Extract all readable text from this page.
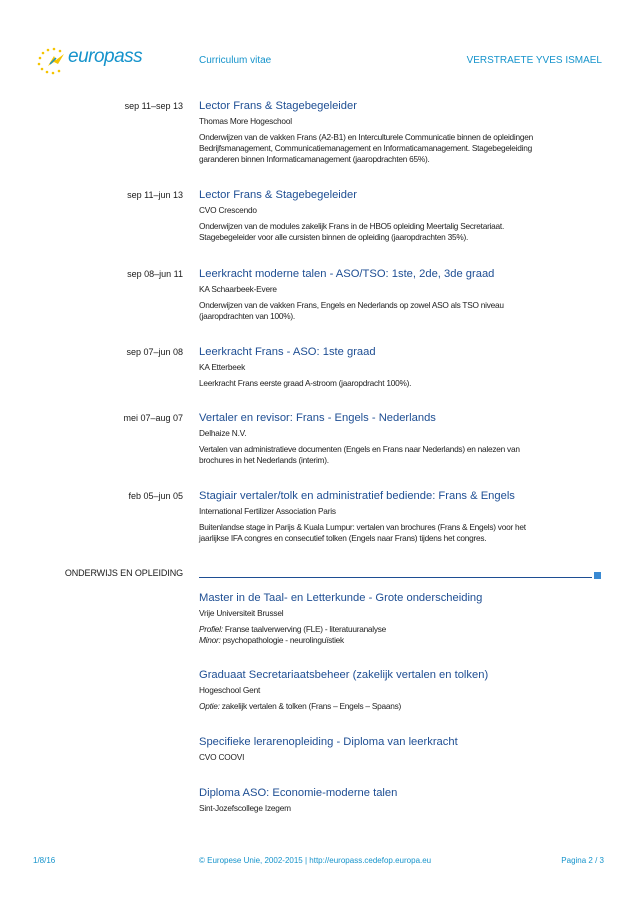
europass	Curriculum vitae	VERSTRAETE YVES ISMAEL
sep 11–sep 13 Lector Frans & Stagebegeleider
Thomas More Hogeschool
Onderwijzen van de vakken Frans (A2-B1) en Interculturele Communicatie binnen de opleidingen
Bedrijfsmanagement, Communicatiemanagement en Informaticamanagement. Stagebegeleiding
garanderen binnen Informaticamanagement (jaaropdrachten 65%).
sep 11–jun 13 Lector Frans & Stagebegeleider
CVO Crescendo
Onderwijzen van de modules zakelijk Frans in de HBO5 opleiding Meertalig Secretariaat.
Stagebegeleider voor alle cursisten binnen de opleiding (jaaropdrachten 35%).
sep 08–jun 11 Leerkracht moderne talen - ASO/TSO: 1ste, 2de, 3de graad
KA Schaarbeek-Evere
Onderwijzen van de vakken Frans, Engels en Nederlands op zowel ASO als TSO niveau
(jaaropdrachten van 100%).
sep 07–jun 08 Leerkracht Frans - ASO: 1ste graad
KA Etterbeek
Leerkracht Frans eerste graad A-stroom (jaaropdracht 100%).
mei 07–aug 07 Vertaler en revisor: Frans - Engels - Nederlands
Delhaize N.V.
Vertalen van administratieve documenten (Engels en Frans naar Nederlands) en nalezen van
brochures in het Nederlands (interim).
feb 05–jun 05 Stagiair vertaler/tolk en administratief bediende: Frans & Engels
International Fertilizer Association Paris
Buitenlandse stage in Parijs & Kuala Lumpur: vertalen van brochures (Frans & Engels) voor het
jaarlijkse IFA congres en consecutief tolken (Engels naar Frans) tijdens het congres.
ONDERWIJS EN OPLEIDING
Master in de Taal- en Letterkunde - Grote onderscheiding
Vrije Universiteit Brussel
Profiel: Franse taalverwerving (FLE) - literatuuranalyse
Minor: psychopathologie - neurolinguïstiek
Graduaat Secretariaatsbeheer (zakelijk vertalen en tolken)
Hogeschool Gent
Optie: zakelijk vertalen & tolken (Frans – Engels – Spaans)
Specifieke lerarenopleiding - Diploma van leerkracht
CVO COOVI
Diploma ASO: Economie-moderne talen
Sint-Jozefscollege Izegem
1/8/16	© Europese Unie, 2002-2015 | http://europass.cedefop.europa.eu	Pagina 2 / 3
